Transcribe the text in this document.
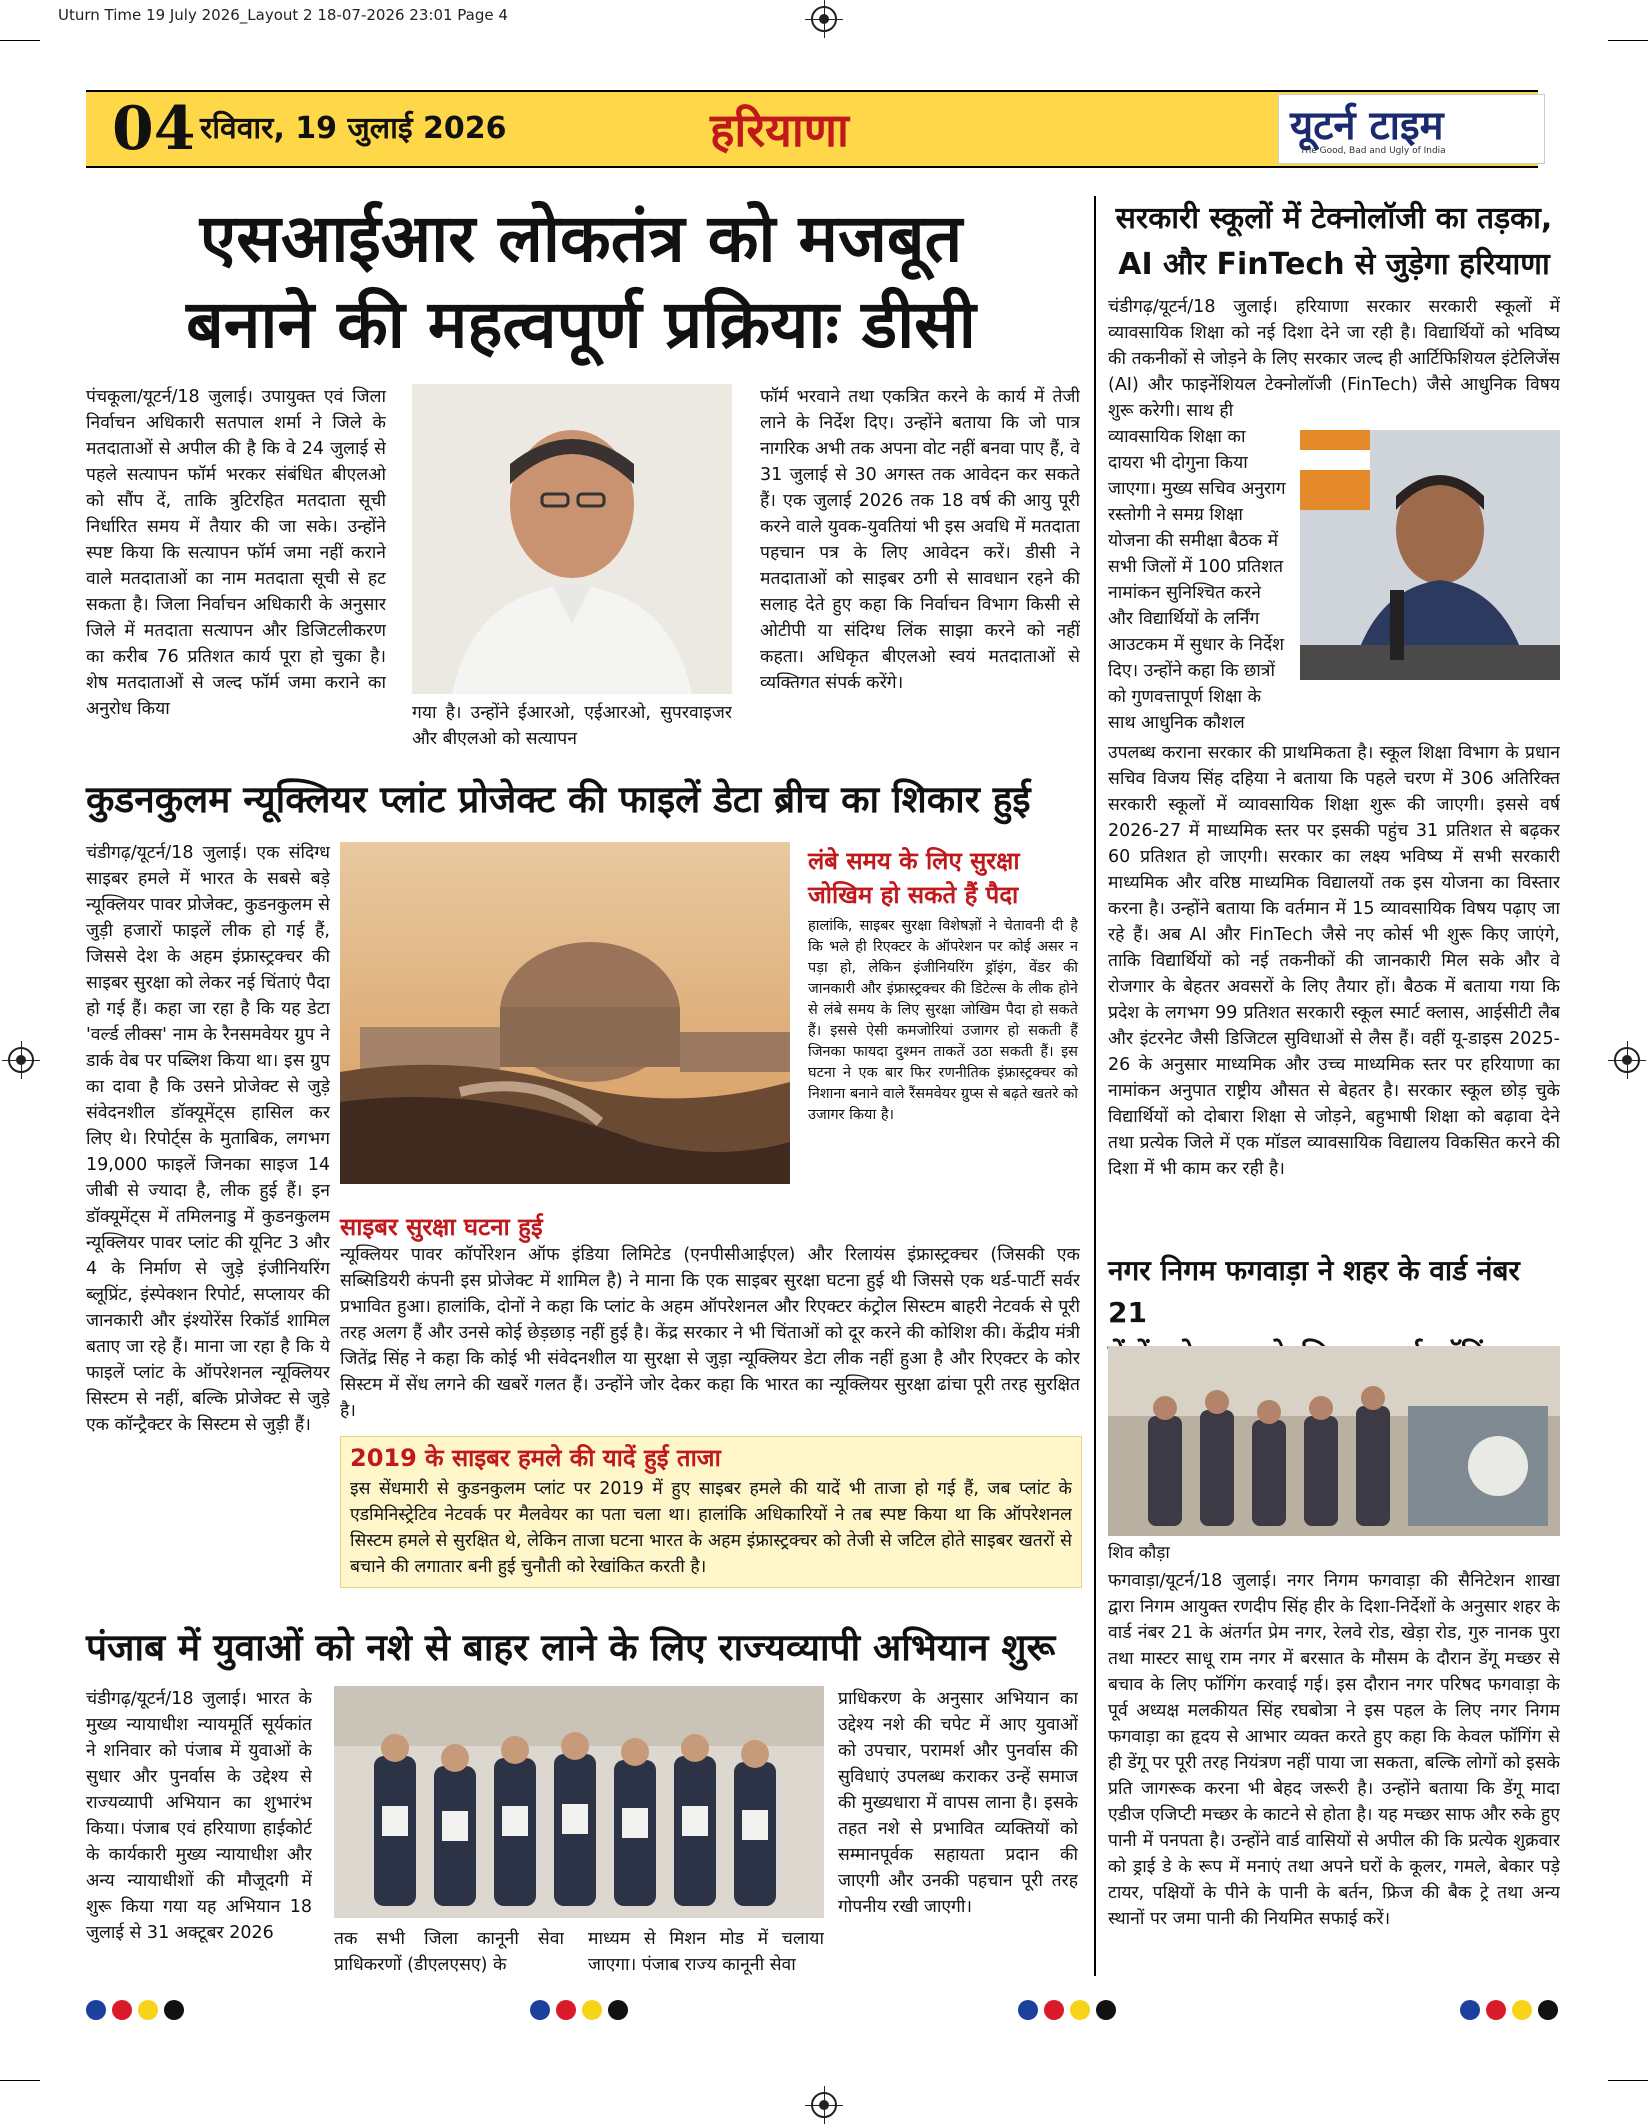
Uturn Time 19 July 2026_Layout 2 18-07-2026 23:01 Page 4
04 रविवार, 19 जुलाई 2026	हरियाणा	यूटर्न टाइम
The Good, Bad and Ugly of India
एसआईआर लोकतंत्र को मजबूत
बनाने की महत्वपूर्ण प्रक्रियाः डीसी
पंचकूला/यूटर्न/18 जुलाई। उपायुक्त एवं जिला निर्वाचन अधिकारी सतपाल शर्मा ने जिले के मतदाताओं से अपील की है कि वे 24 जुलाई से पहले सत्यापन फॉर्म भरकर संबंधित बीएलओ को सौंप दें, ताकि त्रुटिरहित मतदाता सूची निर्धारित समय में तैयार की जा सके। उन्होंने स्पष्ट किया कि सत्यापन फॉर्म जमा नहीं कराने वाले मतदाताओं का नाम मतदाता सूची से हट सकता है। जिला निर्वाचन अधिकारी के अनुसार जिले में मतदाता सत्यापन और डिजिटलीकरण का करीब 76 प्रतिशत कार्य पूरा हो चुका है। शेष मतदाताओं से जल्द फॉर्म जमा कराने का अनुरोध किया	गया है। उन्होंने ईआरओ, एईआरओ, सुपरवाइजर और बीएलओ को सत्यापन
फॉर्म भरवाने तथा एकत्रित करने के कार्य में तेजी लाने के निर्देश दिए। उन्होंने बताया कि जो पात्र नागरिक अभी तक अपना वोट नहीं बनवा पाए हैं, वे 31 जुलाई से 30 अगस्त तक आवेदन कर सकते हैं। एक जुलाई 2026 तक 18 वर्ष की आयु पूरी करने वाले युवक-युवतियां भी इस अवधि में मतदाता पहचान पत्र के लिए आवेदन करें। डीसी ने मतदाताओं को साइबर ठगी से सावधान रहने की सलाह देते हुए कहा कि निर्वाचन विभाग किसी से ओटीपी या संदिग्ध लिंक साझा करने को नहीं कहता। अधिकृत बीएलओ स्वयं मतदाताओं से व्यक्तिगत संपर्क करेंगे।
कुडनकुलम न्यूक्लियर प्लांट प्रोजेक्ट की फाइलें डेटा ब्रीच का शिकार हुई
चंडीगढ़/यूटर्न/18 जुलाई। एक संदिग्ध साइबर हमले में भारत के सबसे बड़े न्यूक्लियर पावर प्रोजेक्ट, कुडनकुलम से जुड़ी हजारों फाइलें लीक हो गई हैं, जिससे देश के अहम इंफ्रास्ट्रक्चर की साइबर सुरक्षा को लेकर नई चिंताएं पैदा हो गई हैं। कहा जा रहा है कि यह डेटा 'वर्ल्ड लीक्स' नाम के रैनसमवेयर ग्रुप ने डार्क वेब पर पब्लिश किया था। इस ग्रुप का दावा है कि उसने प्रोजेक्ट से जुड़े संवेदनशील डॉक्यूमेंट्स हासिल कर लिए थे। रिपोर्ट्स के मुताबिक, लगभग 19,000 फाइलें जिनका साइज 14 जीबी से ज्यादा है, लीक हुई हैं। इन डॉक्यूमेंट्स में तमिलनाडु में कुडनकुलम न्यूक्लियर पावर प्लांट की यूनिट 3 और 4 के निर्माण से जुड़े इंजीनियरिंग ब्लूप्रिंट, इंस्पेक्शन रिपोर्ट, सप्लायर की जानकारी और इंश्योरेंस रिकॉर्ड शामिल बताए जा रहे हैं। माना जा रहा है कि ये फाइलें प्लांट के ऑपरेशनल न्यूक्लियर सिस्टम से नहीं, बल्कि प्रोजेक्ट से जुड़े एक कॉन्ट्रैक्टर के सिस्टम से जुड़ी हैं।
लंबे समय के लिए सुरक्षा
जोखिम हो सकते हैं पैदा
हालांकि, साइबर सुरक्षा विशेषज्ञों ने चेतावनी दी है कि भले ही रिएक्टर के ऑपरेशन पर कोई असर न पड़ा हो, लेकिन इंजीनियरिंग ड्रॉइंग, वेंडर की जानकारी और इंफ्रास्ट्रक्चर की डिटेल्स के लीक होने से लंबे समय के लिए सुरक्षा जोखिम पैदा हो सकते हैं। इससे ऐसी कमजोरियां उजागर हो सकती हैं जिनका फायदा दुश्मन ताकतें उठा सकती हैं। इस घटना ने एक बार फिर रणनीतिक इंफ्रास्ट्रक्चर को निशाना बनाने वाले रैंसमवेयर ग्रुप्स से बढ़ते खतरे को उजागर किया है।
साइबर सुरक्षा घटना हुई
न्यूक्लियर पावर कॉर्पोरेशन ऑफ इंडिया लिमिटेड (एनपीसीआईएल) और रिलायंस इंफ्रास्ट्रक्चर (जिसकी एक सब्सिडियरी कंपनी इस प्रोजेक्ट में शामिल है) ने माना कि एक साइबर सुरक्षा घटना हुई थी जिससे एक थर्ड-पार्टी सर्वर प्रभावित हुआ। हालांकि, दोनों ने कहा कि प्लांट के अहम ऑपरेशनल और रिएक्टर कंट्रोल सिस्टम बाहरी नेटवर्क से पूरी तरह अलग हैं और उनसे कोई छेड़छाड़ नहीं हुई है। केंद्र सरकार ने भी चिंताओं को दूर करने की कोशिश की। केंद्रीय मंत्री जितेंद्र सिंह ने कहा कि कोई भी संवेदनशील या सुरक्षा से जुड़ा न्यूक्लियर डेटा लीक नहीं हुआ है और रिएक्टर के कोर सिस्टम में सेंध लगने की खबरें गलत हैं। उन्होंने जोर देकर कहा कि भारत का न्यूक्लियर सुरक्षा ढांचा पूरी तरह सुरक्षित है।
2019 के साइबर हमले की यादें हुई ताजा
इस सेंधमारी से कुडनकुलम प्लांट पर 2019 में हुए साइबर हमले की यादें भी ताजा हो गई हैं, जब प्लांट के एडमिनिस्ट्रेटिव नेटवर्क पर मैलवेयर का पता चला था। हालांकि अधिकारियों ने तब स्पष्ट किया था कि ऑपरेशनल सिस्टम हमले से सुरक्षित थे, लेकिन ताजा घटना भारत के अहम इंफ्रास्ट्रक्चर को तेजी से जटिल होते साइबर खतरों से बचाने की लगातार बनी हुई चुनौती को रेखांकित करती है।
पंजाब में युवाओं को नशे से बाहर लाने के लिए राज्यव्यापी अभियान शुरू
चंडीगढ़/यूटर्न/18 जुलाई। भारत के मुख्य न्यायाधीश न्यायमूर्ति सूर्यकांत ने शनिवार को पंजाब में युवाओं के सुधार और पुनर्वास के उद्देश्य से राज्यव्यापी अभियान का शुभारंभ किया। पंजाब एवं हरियाणा हाईकोर्ट के कार्यकारी मुख्य न्यायाधीश और अन्य न्यायाधीशों की मौजूदगी में शुरू किया गया यह अभियान 18 जुलाई से 31 अक्टूबर 2026	तक सभी जिला कानूनी सेवा प्राधिकरणों (डीएलएसए) के
माध्यम से मिशन मोड में चलाया जाएगा। पंजाब राज्य कानूनी सेवा
प्राधिकरण के अनुसार अभियान का उद्देश्य नशे की चपेट में आए युवाओं को उपचार, परामर्श और पुनर्वास की सुविधाएं उपलब्ध कराकर उन्हें समाज की मुख्यधारा में वापस लाना है। इसके तहत नशे से प्रभावित व्यक्तियों को सम्मानपूर्वक सहायता प्रदान की जाएगी और उनकी पहचान पूरी तरह गोपनीय रखी जाएगी।
सरकारी स्कूलों में टेक्नोलॉजी का तड़का,
AI और FinTech से जुड़ेगा हरियाणा
चंडीगढ़/यूटर्न/18 जुलाई। हरियाणा सरकार सरकारी स्कूलों में व्यावसायिक शिक्षा को नई दिशा देने जा रही है। विद्यार्थियों को भविष्य की तकनीकों से जोड़ने के लिए सरकार जल्द ही आर्टिफिशियल इंटेलिजेंस (AI) और फाइनेंशियल टेक्नोलॉजी (FinTech) जैसे आधुनिक विषय शुरू करेगी। साथ ही
व्यावसायिक शिक्षा का दायरा भी दोगुना किया जाएगा। मुख्य सचिव अनुराग रस्तोगी ने समग्र शिक्षा योजना की समीक्षा बैठक में सभी जिलों में 100 प्रतिशत नामांकन सुनिश्चित करने और विद्यार्थियों के लर्निंग आउटकम में सुधार के निर्देश दिए। उन्होंने कहा कि छात्रों को गुणवत्तापूर्ण शिक्षा के साथ आधुनिक कौशल
उपलब्ध कराना सरकार की प्राथमिकता है। स्कूल शिक्षा विभाग के प्रधान सचिव विजय सिंह दहिया ने बताया कि पहले चरण में 306 अतिरिक्त सरकारी स्कूलों में व्यावसायिक शिक्षा शुरू की जाएगी। इससे वर्ष 2026-27 में माध्यमिक स्तर पर इसकी पहुंच 31 प्रतिशत से बढ़कर 60 प्रतिशत हो जाएगी। सरकार का लक्ष्य भविष्य में सभी सरकारी माध्यमिक और वरिष्ठ माध्यमिक विद्यालयों तक इस योजना का विस्तार करना है। उन्होंने बताया कि वर्तमान में 15 व्यावसायिक विषय पढ़ाए जा रहे हैं। अब AI और FinTech जैसे नए कोर्स भी शुरू किए जाएंगे, ताकि विद्यार्थियों को नई तकनीकों की जानकारी मिल सके और वे रोजगार के बेहतर अवसरों के लिए तैयार हों। बैठक में बताया गया कि प्रदेश के लगभग 99 प्रतिशत सरकारी स्कूल स्मार्ट क्लास, आईसीटी लैब और इंटरनेट जैसी डिजिटल सुविधाओं से लैस हैं। वहीं यू-डाइस 2025-26 के अनुसार माध्यमिक और उच्च माध्यमिक स्तर पर हरियाणा का नामांकन अनुपात राष्ट्रीय औसत से बेहतर है। सरकार स्कूल छोड़ चुके विद्यार्थियों को दोबारा शिक्षा से जोड़ने, बहुभाषी शिक्षा को बढ़ावा देने तथा प्रत्येक जिले में एक मॉडल व्यावसायिक विद्यालय विकसित करने की दिशा में भी काम कर रही है।
नगर निगम फगवाड़ा ने शहर के वार्ड नंबर 21
शिव कौड़ा
फगवाड़ा/यूटर्न/18 जुलाई। नगर निगम फगवाड़ा की सैनिटेशन शाखा द्वारा निगम आयुक्त रणदीप सिंह हीर के दिशा-निर्देशों के अनुसार शहर के वार्ड नंबर 21 के अंतर्गत प्रेम नगर, रेलवे रोड, खेड़ा रोड, गुरु नानक पुरा तथा मास्टर साधू राम नगर में बरसात के मौसम के दौरान डेंगू मच्छर से बचाव के लिए फॉगिंग करवाई गई। इस दौरान नगर परिषद फगवाड़ा के पूर्व अध्यक्ष मलकीयत सिंह रघबोत्रा ने इस पहल के लिए नगर निगम फगवाड़ा का हृदय से आभार व्यक्त करते हुए कहा कि केवल फॉगिंग से ही डेंगू पर पूरी तरह नियंत्रण नहीं पाया जा सकता, बल्कि लोगों को इसके प्रति जागरूक करना भी बेहद जरूरी है। उन्होंने बताया कि डेंगू मादा एडीज एजिप्टी मच्छर के काटने से होता है। यह मच्छर साफ और रुके हुए पानी में पनपता है। उन्होंने वार्ड वासियों से अपील की कि प्रत्येक शुक्रवार को ड्राई डे के रूप में मनाएं तथा अपने घरों के कूलर, गमले, बेकार पड़े टायर, पक्षियों के पीने के पानी के बर्तन, फ्रिज की बैक ट्रे तथा अन्य स्थानों पर जमा पानी की नियमित सफाई करें।
